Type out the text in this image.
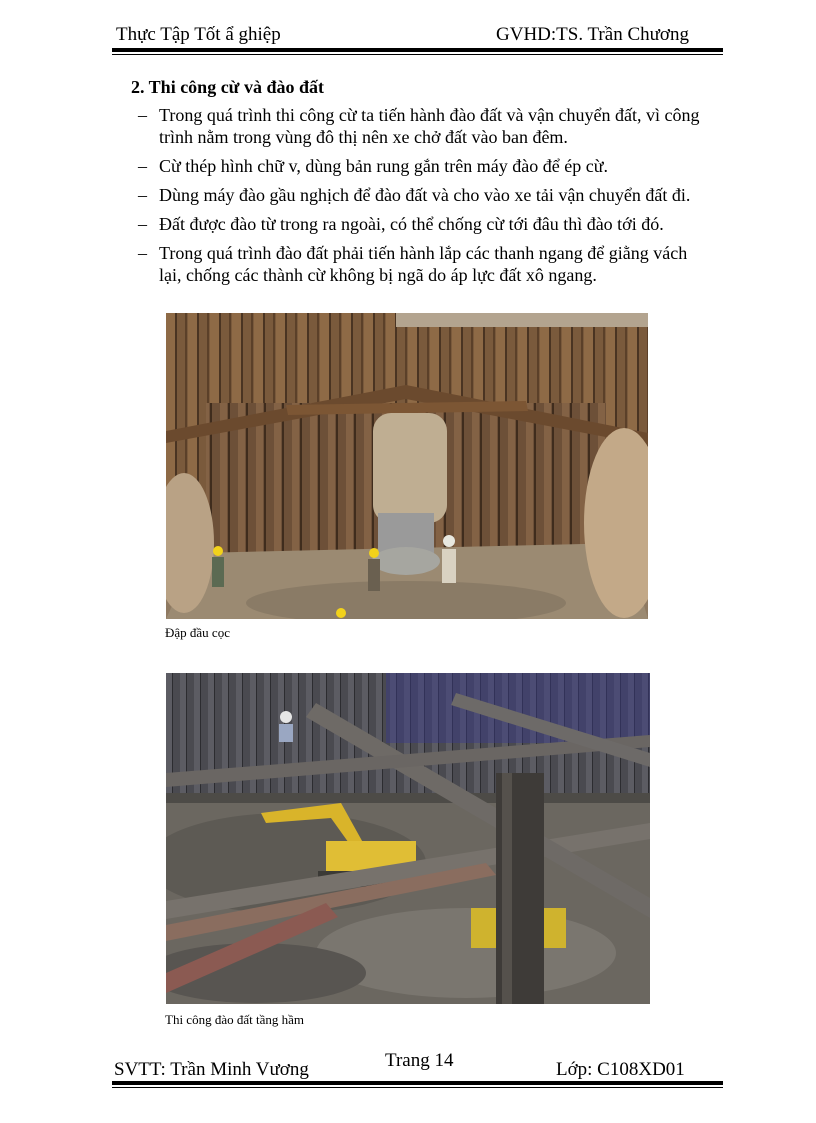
Thực Tập Tốt ẩ ghiệp	GVHD:TS. Trần Chương
2. Thi công cừ và đào đất
– Trong quá trình thi công cừ ta tiến hành đào đất và vận chuyển đất, vì công trình nằm trong vùng đô thị nên xe chở đất vào ban đêm.
– Cừ thép hình chữ v, dùng bản rung gắn trên máy đào để ép cừ.
– Dùng máy đào gầu nghịch để đào đất và cho vào xe tải vận chuyển đất đi.
– Đất được đào từ trong ra ngoài, có thể chống cừ tới đâu thì đào tới đó.
– Trong quá trình đào đất phải tiến hành lắp các thanh ngang để giằng vách lại, chống các thành cừ không bị ngã do áp lực đất xô ngang.
Đập đầu cọc
Thi công đào đất tầng hầm
Trang 14
SVTT: Trần Minh Vương	Lớp: C108XD01
